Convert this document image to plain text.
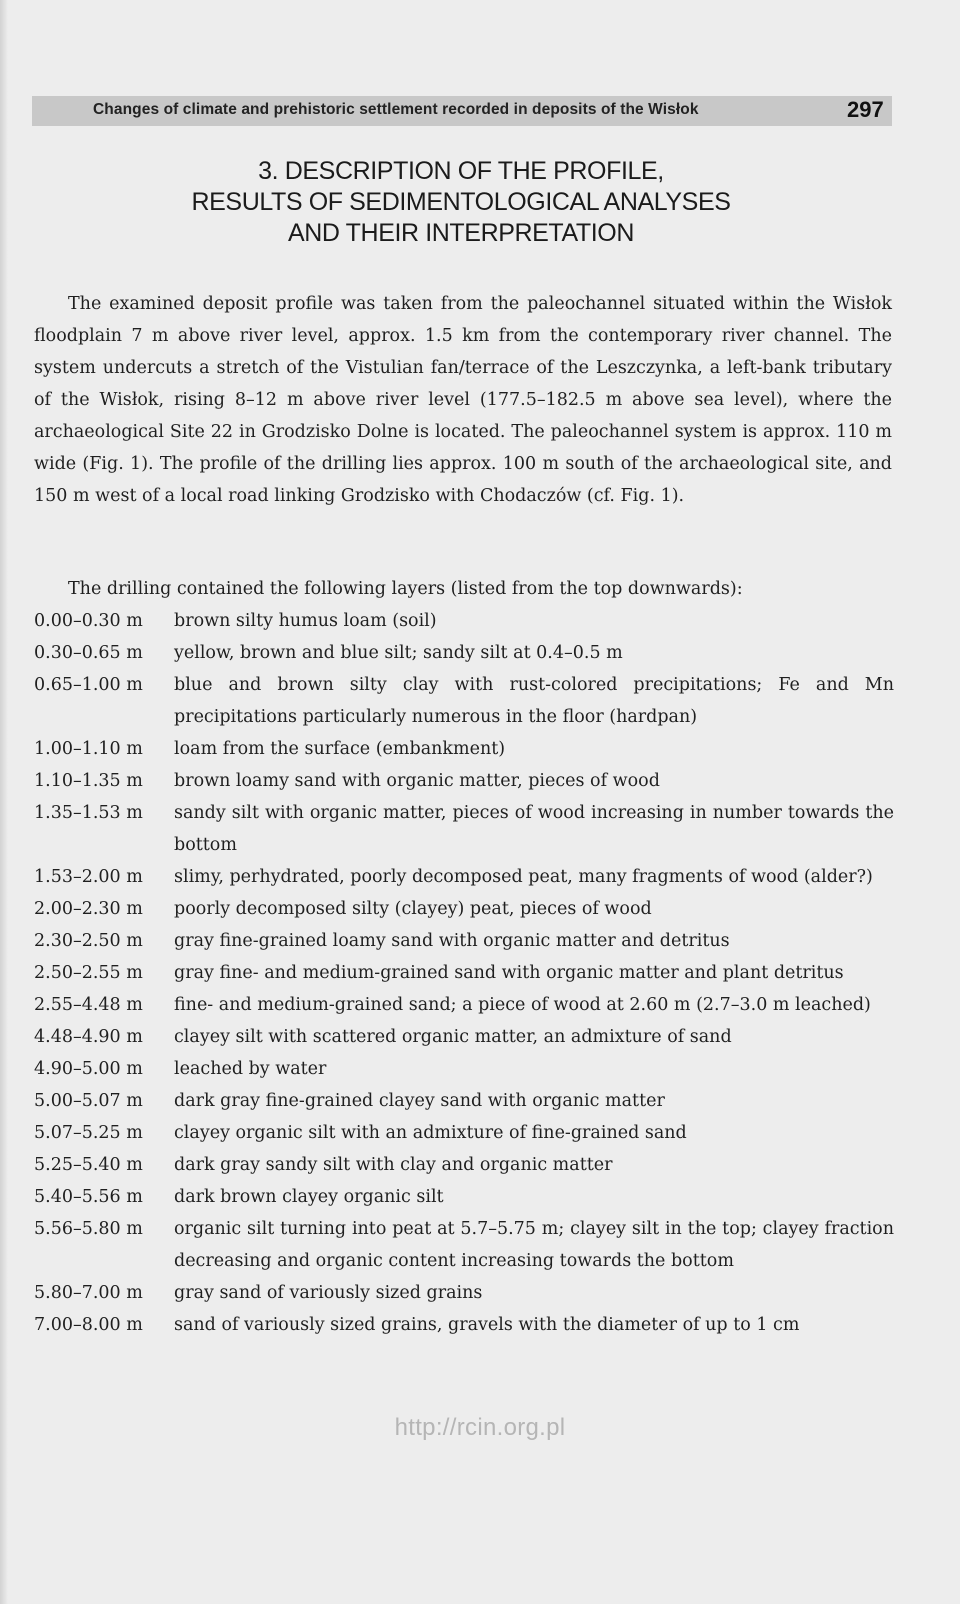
Changes of climate and prehistoric settlement recorded in deposits of the Wisłok	297
3. DESCRIPTION OF THE PROFILE,
RESULTS OF SEDIMENTOLOGICAL ANALYSES
AND THEIR INTERPRETATION

The examined deposit profile was taken from the paleochannel situated within the Wisłok floodplain 7 m above river level, approx. 1.5 km from the contemporary river channel. The system undercuts a stretch of the Vistulian fan/terrace of the Leszczynka, a left-bank tributary of the Wisłok, rising 8–12 m above river level (177.5–182.5 m above sea level), where the archaeological Site 22 in Grodzisko Dolne is located. The paleochannel system is approx. 110 m wide (Fig. 1). The profile of the drilling lies approx. 100 m south of the archaeological site, and 150 m west of a local road linking Grodzisko with Chodaczów (cf. Fig. 1).

The drilling contained the following layers (listed from the top downwards):
0.00–0.30 m	brown silty humus loam (soil)
0.30–0.65 m	yellow, brown and blue silt; sandy silt at 0.4–0.5 m
0.65–1.00 m	blue and brown silty clay with rust-colored precipitations; Fe and Mn precipitations particularly numerous in the floor (hardpan)
1.00–1.10 m	loam from the surface (embankment)
1.10–1.35 m	brown loamy sand with organic matter, pieces of wood
1.35–1.53 m	sandy silt with organic matter, pieces of wood increasing in number towards the bottom
1.53–2.00 m	slimy, perhydrated, poorly decomposed peat, many fragments of wood (alder?)
2.00–2.30 m	poorly decomposed silty (clayey) peat, pieces of wood
2.30–2.50 m	gray fine-grained loamy sand with organic matter and detritus
2.50–2.55 m	gray fine- and medium-grained sand with organic matter and plant detritus
2.55–4.48 m	fine- and medium-grained sand; a piece of wood at 2.60 m (2.7–3.0 m leached)
4.48–4.90 m	clayey silt with scattered organic matter, an admixture of sand
4.90–5.00 m	leached by water
5.00–5.07 m	dark gray fine-grained clayey sand with organic matter
5.07–5.25 m	clayey organic silt with an admixture of fine-grained sand
5.25–5.40 m	dark gray sandy silt with clay and organic matter
5.40–5.56 m	dark brown clayey organic silt
5.56–5.80 m	organic silt turning into peat at 5.7–5.75 m; clayey silt in the top; clayey fraction decreasing and organic content increasing towards the bottom
5.80–7.00 m	gray sand of variously sized grains
7.00–8.00 m	sand of variously sized grains, gravels with the diameter of up to 1 cm
http://rcin.org.pl
